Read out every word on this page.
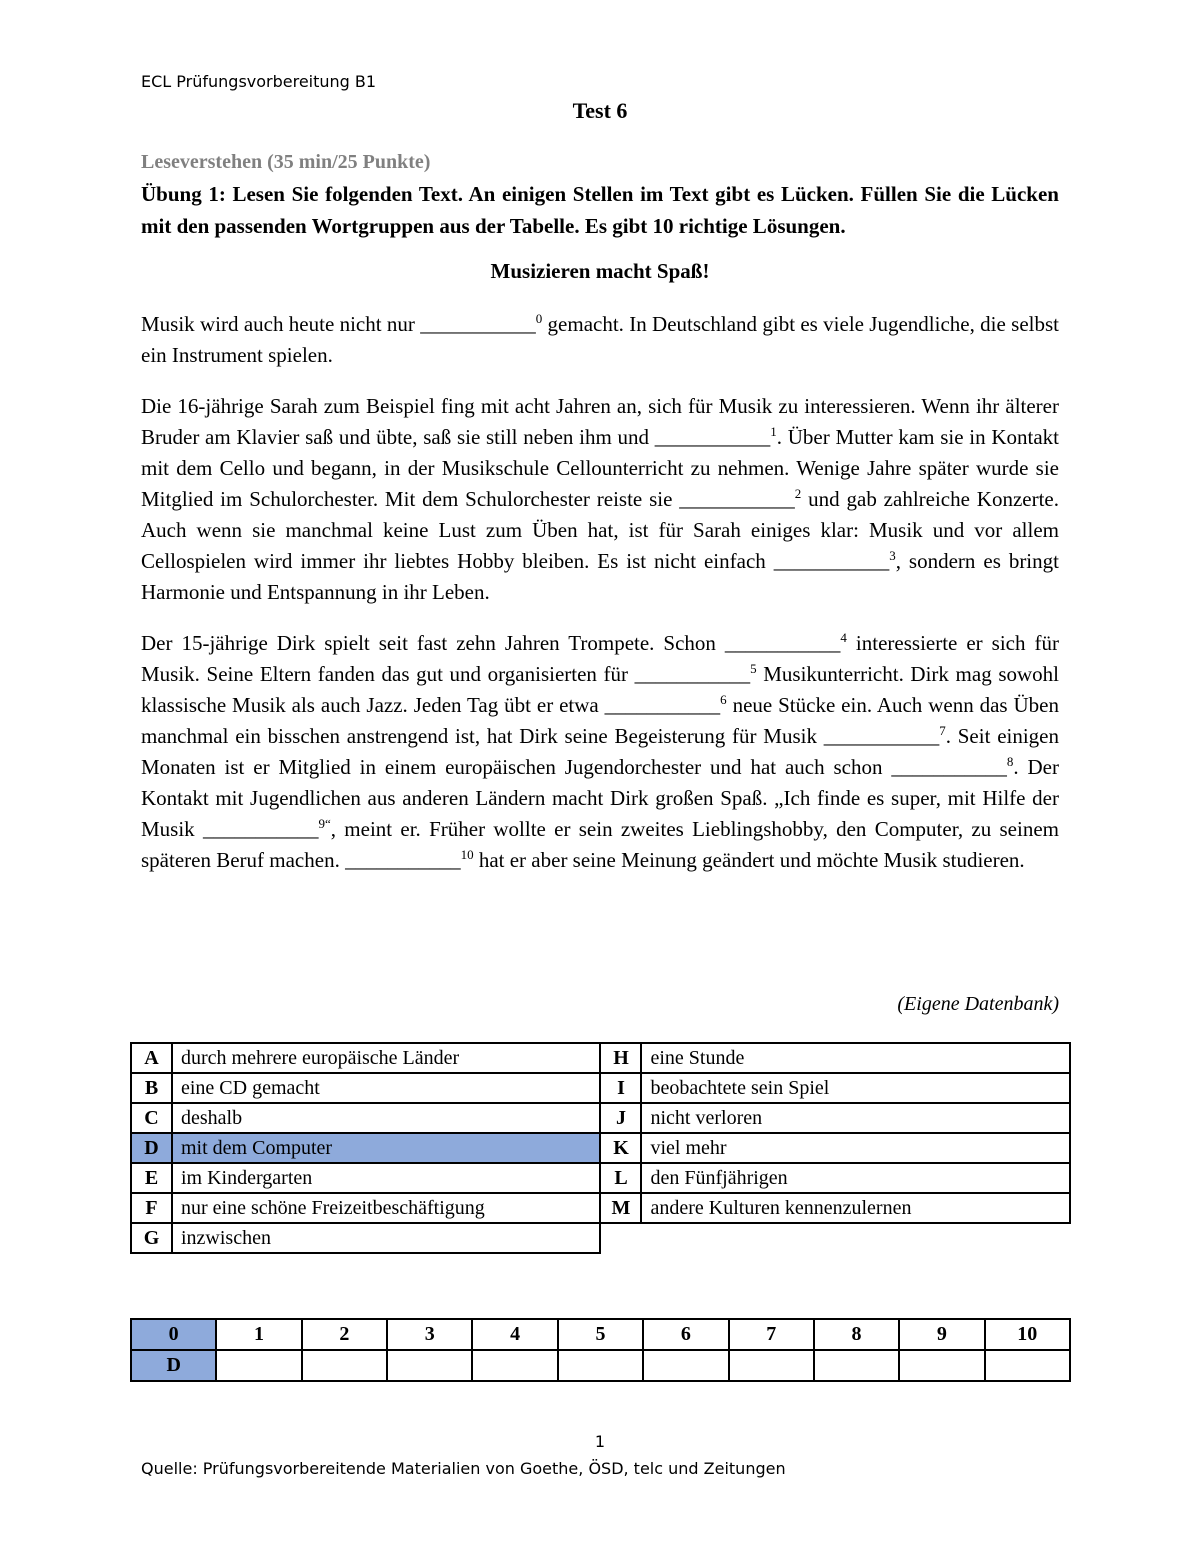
ECL Prüfungsvorbereitung B1
Test 6
Leseverstehen (35 min/25 Punkte)
Übung 1: Lesen Sie folgenden Text. An einigen Stellen im Text gibt es Lücken. Füllen Sie die Lücken mit den passenden Wortgruppen aus der Tabelle. Es gibt 10 richtige Lösungen.
Musizieren macht Spaß!

Musik wird auch heute nicht nur ___________$^0$ gemacht. In Deutschland gibt es viele Jugendliche, die selbst ein Instrument spielen.

Die 16-jährige Sarah zum Beispiel fing mit acht Jahren an, sich für Musik zu interessieren. Wenn ihr älterer Bruder am Klavier saß und übte, saß sie still neben ihm und ___________$^1$. Über Mutter kam sie in Kontakt mit dem Cello und begann, in der Musikschule Cellounterricht zu nehmen. Wenige Jahre später wurde sie Mitglied im Schulorchester. Mit dem Schulorchester reiste sie ___________$^2$ und gab zahlreiche Konzerte. Auch wenn sie manchmal keine Lust zum Üben hat, ist für Sarah einiges klar: Musik und vor allem Cellospielen wird immer ihr liebtes Hobby bleiben. Es ist nicht einfach ___________$^3$, sondern es bringt Harmonie und Entspannung in ihr Leben.

Der 15-jährige Dirk spielt seit fast zehn Jahren Trompete. Schon ___________$^4$ interessierte er sich für Musik. Seine Eltern fanden das gut und organisierten für ___________$^5$ Musikunterricht. Dirk mag sowohl klassische Musik als auch Jazz. Jeden Tag übt er etwa ___________$^6$ neue Stücke ein. Auch wenn das Üben manchmal ein bisschen anstrengend ist, hat Dirk seine Begeisterung für Musik ___________$^7$. Seit einigen Monaten ist er Mitglied in einem europäischen Jugendorchester und hat auch schon ___________$^8$. Der Kontakt mit Jugendlichen aus anderen Ländern macht Dirk großen Spaß. „Ich finde es super, mit Hilfe der Musik ___________$^{9“}$, meint er. Früher wollte er sein zweites Lieblingshobby, den Computer, zu seinem späteren Beruf machen. ___________$^{10}$ hat er aber seine Meinung geändert und möchte Musik studieren.

(Eigene Datenbank)
A	durch mehrere europäische Länder	H	eine Stunde
B	eine CD gemacht	I	beobachtete sein Spiel
C	deshalb	J	nicht verloren
D	mit dem Computer	K	viel mehr
E	im Kindergarten	L	den Fünfjährigen
F	nur eine schöne Freizeitbeschäftigung	M	andere Kulturen kennenzulernen
G	inzwischen		
0	1	2	3	4	5	6	7	8	9	10
D										
1
Quelle: Prüfungsvorbereitende Materialien von Goethe, ÖSD, telc und Zeitungen
